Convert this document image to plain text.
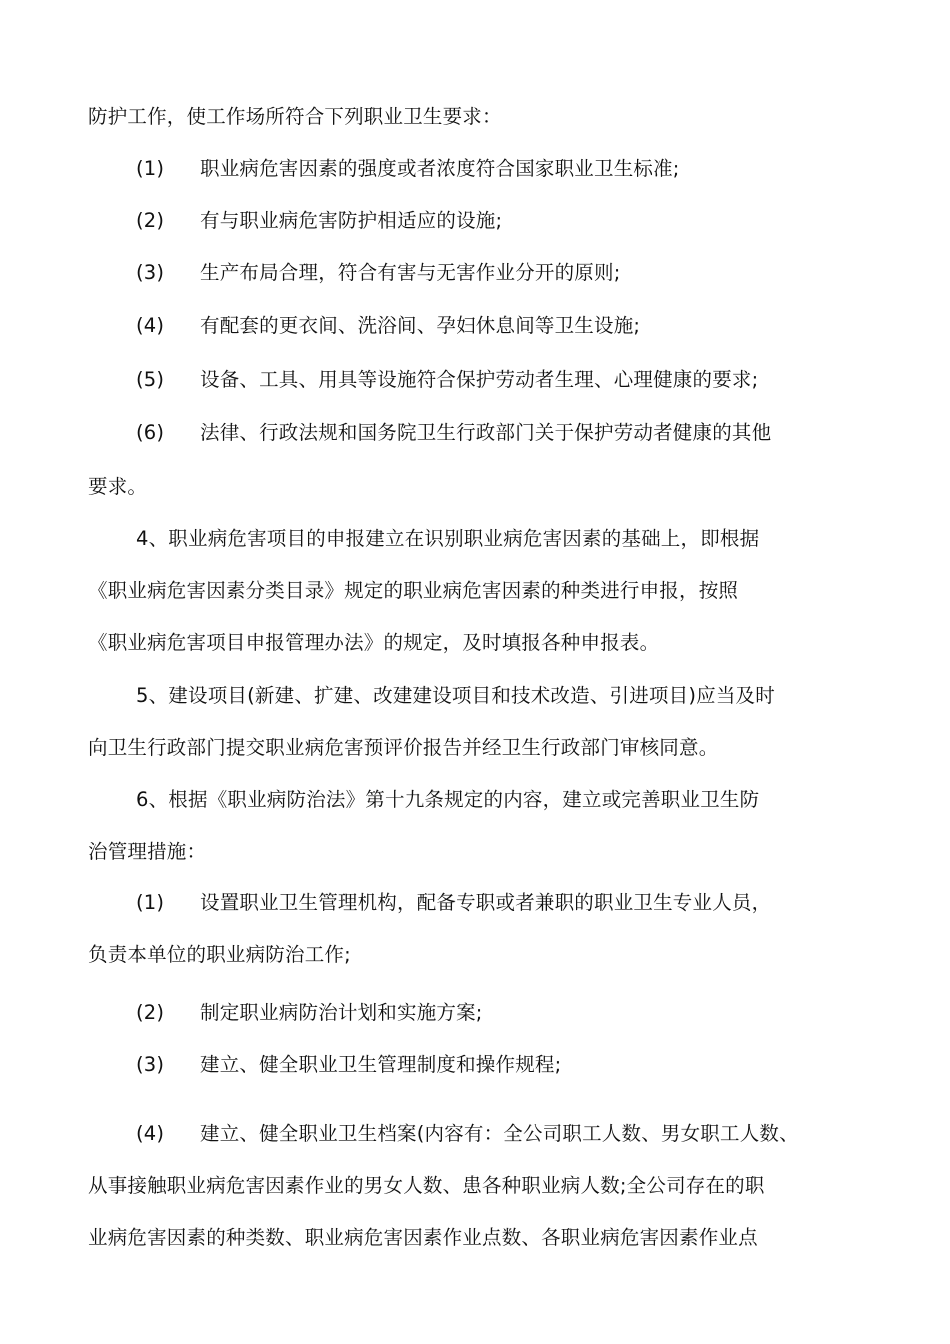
防护工作，使工作场所符合下列职业卫生要求：
(1) 职业病危害因素的强度或者浓度符合国家职业卫生标准;
(2) 有与职业病危害防护相适应的设施;
(3) 生产布局合理，符合有害与无害作业分开的原则;
(4) 有配套的更衣间、洗浴间、孕妇休息间等卫生设施;
(5) 设备、工具、用具等设施符合保护劳动者生理、心理健康的要求;
(6) 法律、行政法规和国务院卫生行政部门关于保护劳动者健康的其他
要求。
4、职业病危害项目的申报建立在识别职业病危害因素的基础上，即根据
《职业病危害因素分类目录》规定的职业病危害因素的种类进行申报，按照
《职业病危害项目申报管理办法》的规定，及时填报各种申报表。
5、建设项目(新建、扩建、改建建设项目和技术改造、引进项目)应当及时
向卫生行政部门提交职业病危害预评价报告并经卫生行政部门审核同意。
6、根据《职业病防治法》第十九条规定的内容，建立或完善职业卫生防
治管理措施：
(1) 设置职业卫生管理机构，配备专职或者兼职的职业卫生专业人员，
负责本单位的职业病防治工作;
(2) 制定职业病防治计划和实施方案;
(3) 建立、健全职业卫生管理制度和操作规程;
(4) 建立、健全职业卫生档案(内容有：全公司职工人数、男女职工人数、
从事接触职业病危害因素作业的男女人数、患各种职业病人数;全公司存在的职
业病危害因素的种类数、职业病危害因素作业点数、各职业病危害因素作业点
